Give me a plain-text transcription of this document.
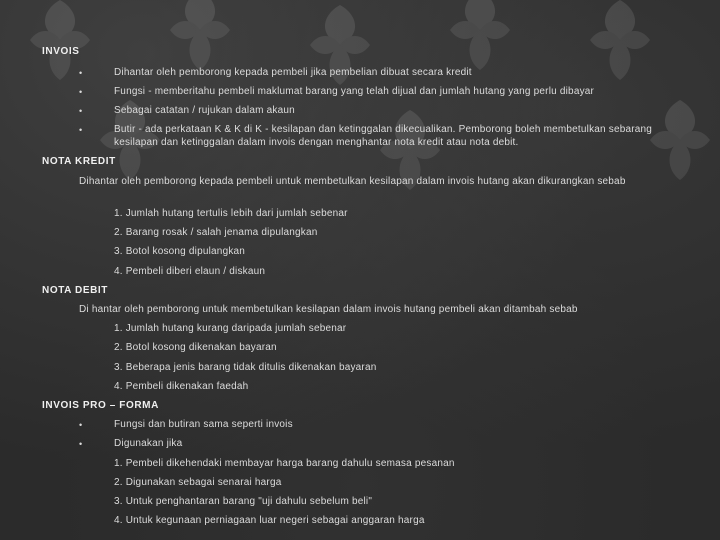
INVOIS
•	Dihantar oleh pemborong kepada pembeli jika pembelian dibuat secara kredit
•	Fungsi - memberitahu pembeli maklumat barang yang telah dijual dan jumlah hutang yang perlu dibayar
•	Sebagai catatan / rujukan dalam akaun
•	Butir - ada perkataan K & K di K - kesilapan dan ketinggalan dikecualikan. Pemborong boleh membetulkan sebarang kesilapan dan ketinggalan dalam invois dengan menghantar nota kredit atau nota debit.
NOTA KREDIT
Dihantar oleh pemborong kepada pembeli untuk membetulkan kesilapan dalam invois hutang akan dikurangkan sebab
1. Jumlah hutang tertulis lebih dari jumlah sebenar
2. Barang rosak / salah jenama dipulangkan
3. Botol kosong dipulangkan
4. Pembeli diberi elaun / diskaun
NOTA DEBIT
Di hantar oleh pemborong untuk membetulkan kesilapan dalam invois hutang pembeli akan ditambah sebab
1. Jumlah hutang kurang daripada jumlah sebenar
2. Botol kosong dikenakan bayaran
3. Beberapa jenis barang tidak ditulis dikenakan bayaran
4. Pembeli dikenakan faedah
INVOIS PRO – FORMA
•	Fungsi dan butiran sama seperti invois
•	Digunakan jika
1. Pembeli dikehendaki membayar harga barang dahulu semasa pesanan
2. Digunakan sebagai senarai harga
3. Untuk penghantaran barang "uji dahulu sebelum beli"
4. Untuk kegunaan perniagaan luar negeri sebagai anggaran harga
